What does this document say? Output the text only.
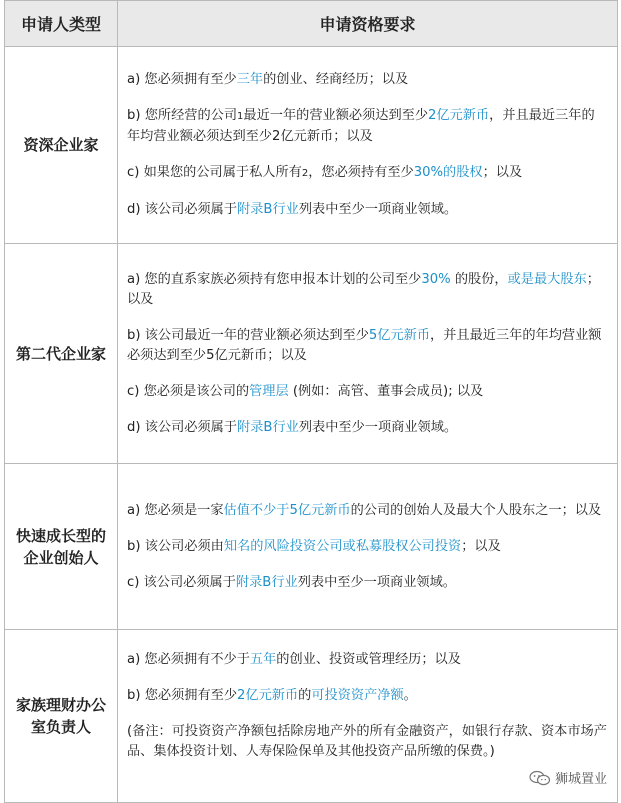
申请人类型	申请资格要求
资深企业家	a) 您必须拥有至少三年的创业、经商经历；以及

b) 您所经营的公司1最近一年的营业额必须达到至少2亿元新币，并且最近三年的年均营业额必须达到至少2亿元新币；以及

c) 如果您的公司属于私人所有2，您必须持有至少30%的股权；以及

d) 该公司必须属于附录B行业列表中至少一项商业领域。

第二代企业家	a) 您的直系家族必须持有您申报本计划的公司至少30% 的股份，或是最大股东；以及

b) 该公司最近一年的营业额必须达到至少5亿元新币，并且最近三年的年均营业额必须达到至少5亿元新币；以及

c) 您必须是该公司的管理层 (例如：高管、董事会成员); 以及

d) 该公司必须属于附录B行业列表中至少一项商业领域。

快速成长型的企业创始人	a) 您必须是一家估值不少于5亿元新币的公司的创始人及最大个人股东之一；以及

b) 该公司必须由知名的风险投资公司或私募股权公司投资；以及

c) 该公司必须属于附录B行业列表中至少一项商业领域。

家族理财办公室负责人	a) 您必须拥有不少于五年的创业、投资或管理经历；以及

b) 您必须拥有至少2亿元新币的可投资资产净额。

(备注：可投资资产净额包括除房地产外的所有金融资产，如银行存款、资本市场产品、集体投资计划、人寿保险保单及其他投资产品所缴的保费。)

狮城置业
